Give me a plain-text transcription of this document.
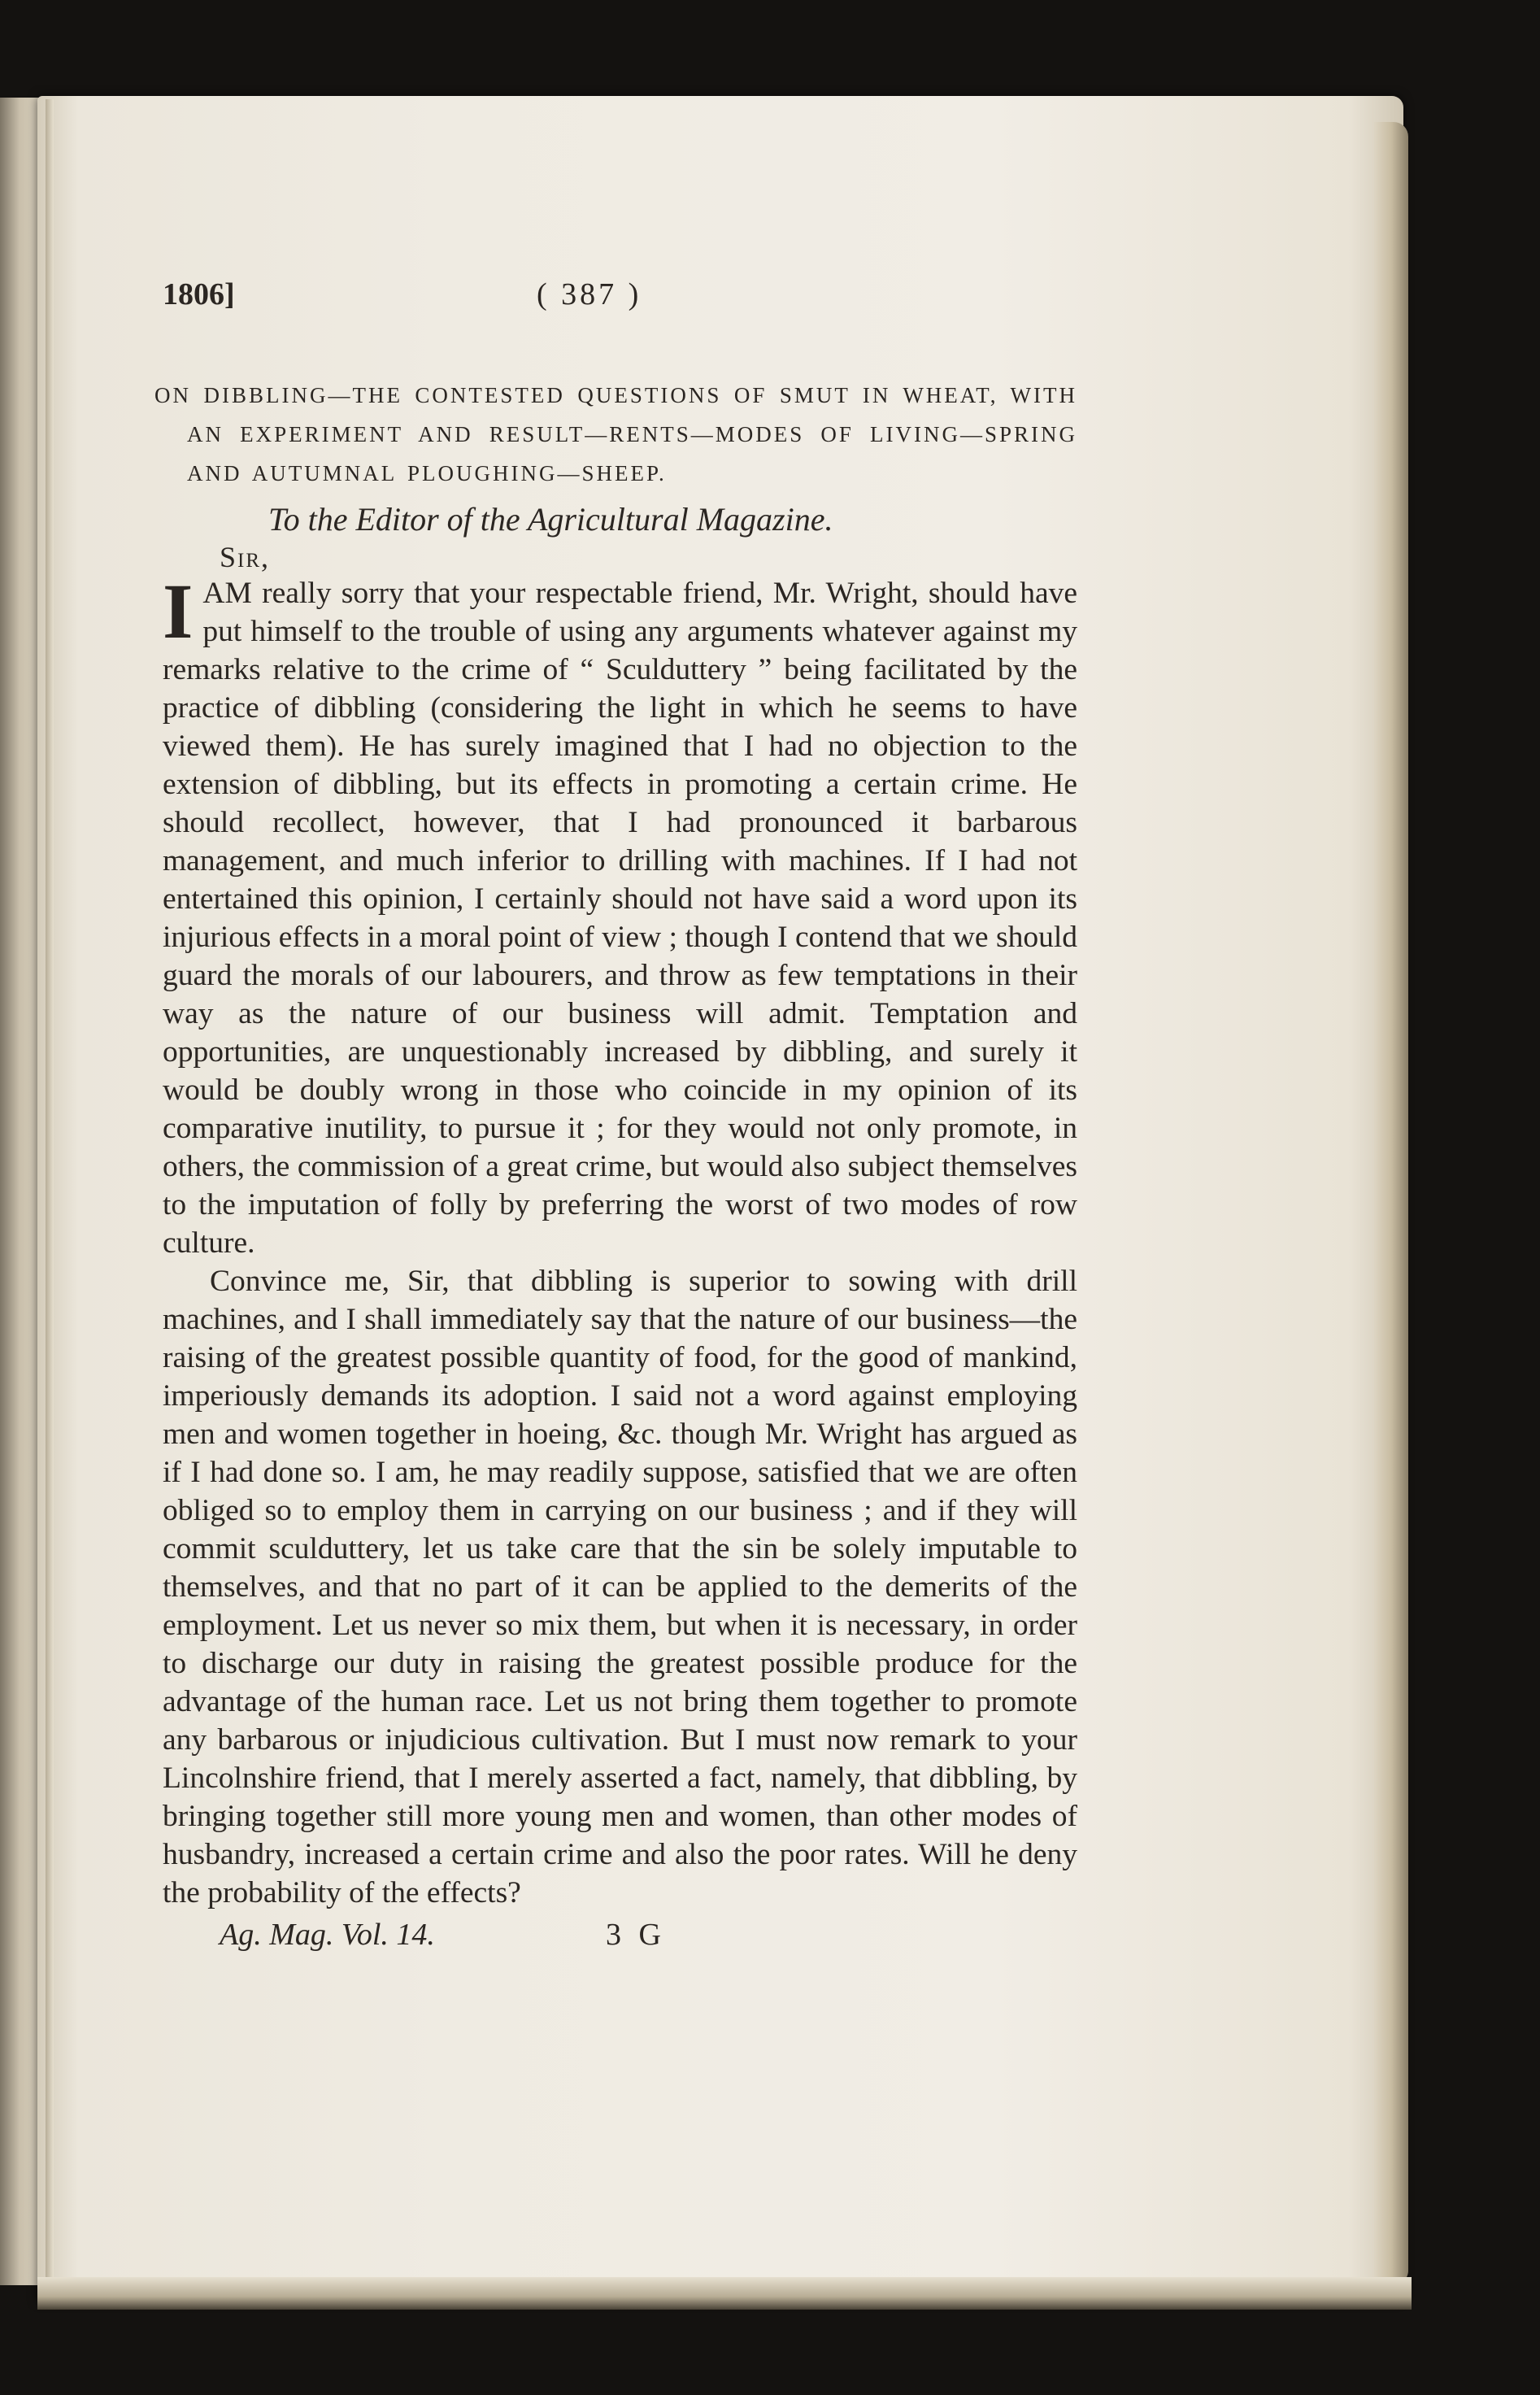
1806]	( 387 )
ON DIBBLING—THE CONTESTED QUESTIONS OF SMUT IN WHEAT, WITH AN EXPERIMENT AND RESULT—RENTS—MODES OF LIVING—SPRING AND AUTUMNAL PLOUGHING—SHEEP.
To the Editor of the Agricultural Magazine.
Sir,

IAM really sorry that your respectable friend, Mr. Wright, should have put himself to the trouble of using any arguments whatever against my remarks relative to the crime of “ Sculduttery ” being facilitated by the practice of dibbling (considering the light in which he seems to have viewed them). He has surely imagined that I had no objection to the extension of dibbling, but its effects in promoting a certain crime. He should recollect, however, that I had pronounced it barbarous management, and much inferior to drilling with machines. If I had not entertained this opinion, I certainly should not have said a word upon its injurious effects in a moral point of view ; though I contend that we should guard the morals of our labourers, and throw as few temptations in their way as the nature of our business will admit. Temptation and opportunities, are unquestionably increased by dibbling, and surely it would be doubly wrong in those who coincide in my opinion of its comparative inutility, to pursue it ; for they would not only promote, in others, the commission of a great crime, but would also subject themselves to the imputation of folly by preferring the worst of two modes of row culture.

Convince me, Sir, that dibbling is superior to sowing with drill machines, and I shall immediately say that the nature of our business—the raising of the greatest possible quantity of food, for the good of mankind, imperiously demands its adoption. I said not a word against employing men and women together in hoeing, &c. though Mr. Wright has argued as if I had done so. I am, he may readily suppose, satisfied that we are often obliged so to employ them in carrying on our business ; and if they will commit sculduttery, let us take care that the sin be solely imputable to themselves, and that no part of it can be applied to the demerits of the employment. Let us never so mix them, but when it is necessary, in order to discharge our duty in raising the greatest possible produce for the advantage of the human race. Let us not bring them together to promote any barbarous or injudicious cultivation. But I must now remark to your Lincolnshire friend, that I merely asserted a fact, namely, that dibbling, by bringing together still more young men and women, than other modes of husbandry, increased a certain crime and also the poor rates. Will he deny the probability of the effects?

Ag. Mag. Vol. 14.	3 G
